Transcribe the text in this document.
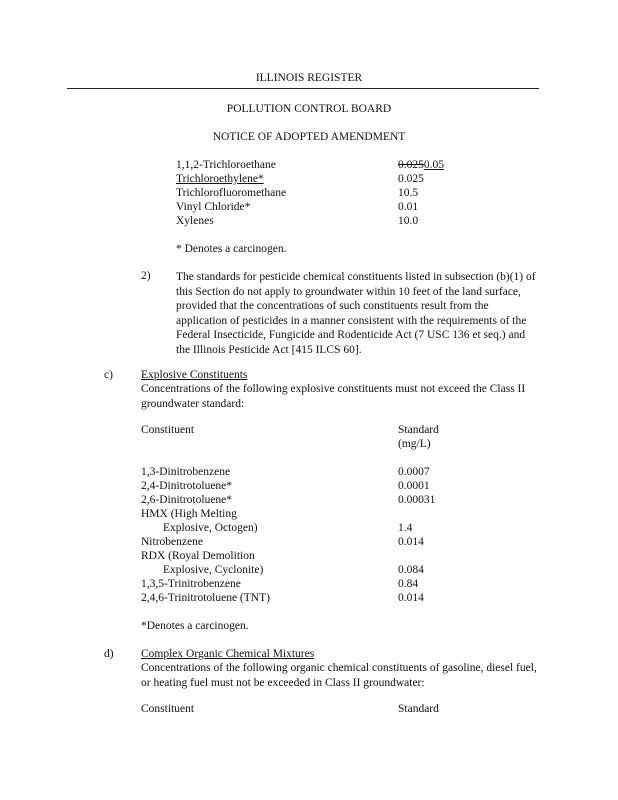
ILLINOIS REGISTER
POLLUTION CONTROL BOARD
NOTICE OF ADOPTED AMENDMENT
1,1,2-Trichloroethane	0.0250.05
Trichloroethylene*	0.025
Trichlorofluoromethane	10.5
Vinyl Chloride*	0.01
Xylenes	10.0
* Denotes a carcinogen.
2) The standards for pesticide chemical constituents listed in subsection (b)(1) of this Section do not apply to groundwater within 10 feet of the land surface, provided that the concentrations of such constituents result from the application of pesticides in a manner consistent with the requirements of the Federal Insecticide, Fungicide and Rodenticide Act (7 USC 136 et seq.) and the Illinois Pesticide Act [415 ILCS 60].
c) Explosive Constituents
Concentrations of the following explosive constituents must not exceed the Class II groundwater standard:
Constituent	Standard
(mg/L)
1,3-Dinitrobenzene	0.0007
2,4-Dinitrotoluene*	0.0001
2,6-Dinitrotoluene*	0.00031
HMX (High Melting
Explosive, Octogen)	1.4
Nitrobenzene	0.014
RDX (Royal Demolition
Explosive, Cyclonite)	0.084
1,3,5-Trinitrobenzene	0.84
2,4,6-Trinitrotoluene (TNT)	0.014
*Denotes a carcinogen.
d) Complex Organic Chemical Mixtures
Concentrations of the following organic chemical constituents of gasoline, diesel fuel, or heating fuel must not be exceeded in Class II groundwater:
Constituent	Standard
